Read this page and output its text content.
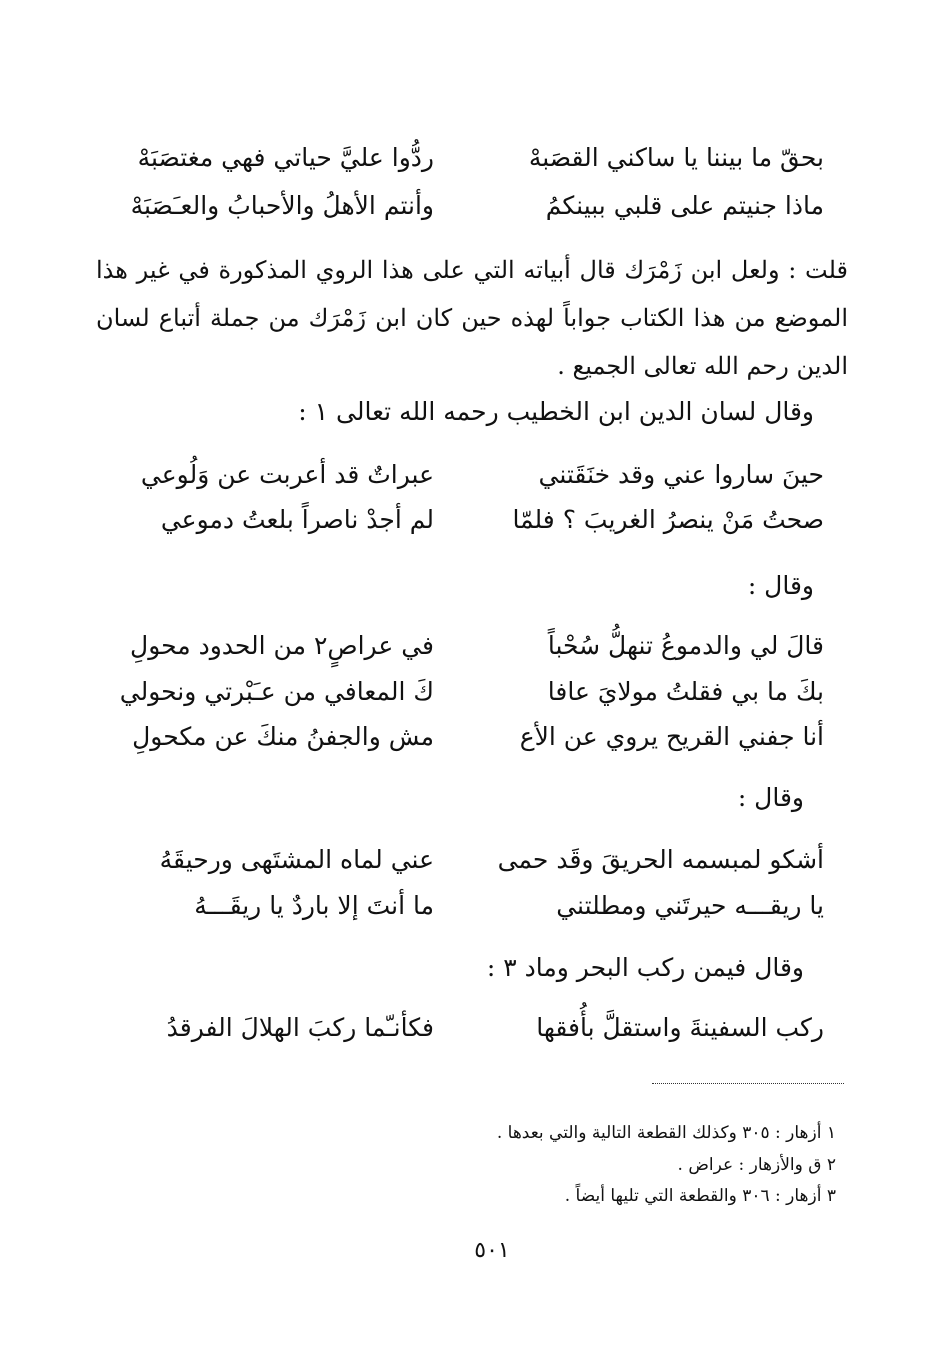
بحقّ ما بيننا يا ساكني القصَبهْ
ردُّوا عليَّ حياتي فهي مغتصَبَهْ
ماذا جنيتم على قلبي ببينكمُ
وأنتم الأهلُ والأحبابُ والعـَصَبَهْ
قلت : ولعل ابن زَمْرَك قال أبياته التي على هذا الروي المذكورة في غير هذا الموضع من هذا الكتاب جواباً لهذه حين كان ابن زَمْرَك من جملة أتباع لسان الدين رحم الله تعالى الجميع .
وقال لسان الدين ابن الخطيب رحمه الله تعالى ١ :
حينَ ساروا عني وقد خنَقَتني
عبراتٌ قد أعربت عن وَلُوعي
صحتُ مَنْ ينصرُ الغريبَ ؟ فلمّا
لم أجدْ ناصراً بلعتُ دموعي
وقال :
قالَ لي والدموعُ تنهلُّ سُحْباً
في عراصٍ٢ من الحدود محولِ
بكَ ما بي فقلتُ مولايَ عافا
كَ المعافي من عـَبْرتي ونحولي
أنا جفني القريح يروي عن الأع
مش والجفنُ منكَ عن مكحولِ
وقال :
أشكو لمبسمه الحريقَ وقَد حمى
عني لماه المشتَهى ورحيقَهُ
يا ريقـــه حيرتَني ومطلتني
ما أنتَ إلا باردٌ يا ريقَـــهُ
وقال فيمن ركب البحر وماد ٣ :
ركب السفينةَ واستقلَّ بأُفقها
فكأنـّما ركبَ الهلالَ الفرقدُ
١ أزهار : ٣٠٥ وكذلك القطعة التالية والتي بعدها .
٢ ق والأزهار : عراض .
٣ أزهار : ٣٠٦ والقطعة التي تليها أيضاً .
٥٠١
